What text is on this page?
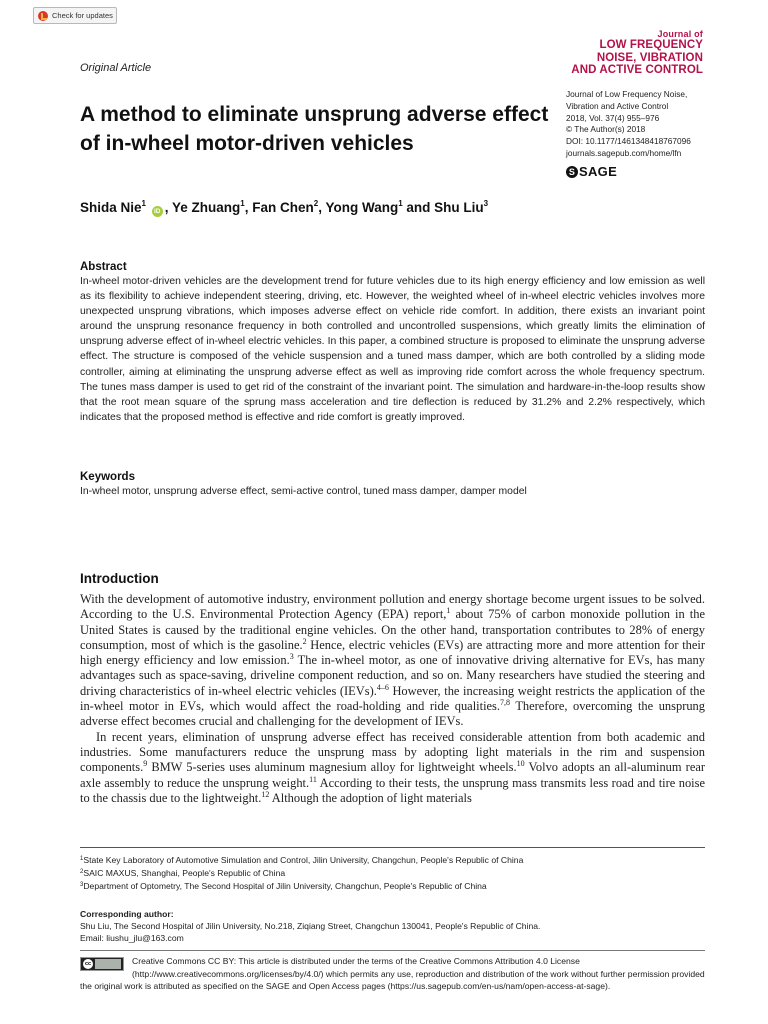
Check for updates
Original Article
Journal of
LOW FREQUENCY
NOISE, VIBRATION
AND ACTIVE CONTROL
Journal of Low Frequency Noise,
Vibration and Active Control
2018, Vol. 37(4) 955–976
© The Author(s) 2018
DOI: 10.1177/1461348418767096
journals.sagepub.com/home/lfn
S SAGE
A method to eliminate unsprung adverse effect of in-wheel motor-driven vehicles
Shida Nie$^1$ iD , Ye Zhuang$^1$, Fan Chen$^2$, Yong Wang$^1$ and Shu Liu$^3$
Abstract

In-wheel motor-driven vehicles are the development trend for future vehicles due to its high energy efficiency and low emission as well as its flexibility to achieve independent steering, driving, etc. However, the weighted wheel of in-wheel electric vehicles involves more unexpected unsprung vibrations, which imposes adverse effect on vehicle ride comfort. In addition, there exists an invariant point around the unsprung resonance frequency in both controlled and uncontrolled suspensions, which greatly limits the elimination of unsprung adverse effect of in-wheel electric vehicles. In this paper, a combined structure is proposed to eliminate the unsprung adverse effect. The structure is composed of the vehicle suspension and a tuned mass damper, which are both controlled by a sliding mode controller, aiming at eliminating the unsprung adverse effect as well as improving ride comfort across the whole frequency spectrum. The tunes mass damper is used to get rid of the constraint of the invariant point. The simulation and hardware-in-the-loop results show that the root mean square of the sprung mass acceleration and tire deflection is reduced by 31.2% and 2.2% respectively, which indicates that the proposed method is effective and ride comfort is greatly improved.

Keywords

In-wheel motor, unsprung adverse effect, semi-active control, tuned mass damper, damper model

Introduction

With the development of automotive industry, environment pollution and energy shortage become urgent issues to be solved. According to the U.S. Environmental Protection Agency (EPA) report,$^1$ about 75% of carbon monoxide pollution in the United States is caused by the traditional engine vehicles. On the other hand, transportation contributes to 28% of energy consumption, most of which is the gasoline.$^2$ Hence, electric vehicles (EVs) are attracting more and more attention for their high energy efficiency and low emission.$^3$ The in-wheel motor, as one of innovative driving alternative for EVs, has many advantages such as space-saving, driveline component reduction, and so on. Many researchers have studied the steering and driving characteristics of in-wheel electric vehicles (IEVs).$^{4-6}$ However, the increasing weight restricts the application of the in-wheel motor in EVs, which would affect the road-holding and ride qualities.$^{7,8}$ Therefore, overcoming the unsprung adverse effect becomes crucial and challenging for the development of IEVs.

In recent years, elimination of unsprung adverse effect has received considerable attention from both academic and industries. Some manufacturers reduce the unsprung mass by adopting light materials in the rim and suspension components.$^9$ BMW 5-series uses aluminum magnesium alloy for lightweight wheels.$^{10}$ Volvo adopts an all-aluminum rear axle assembly to reduce the unsprung weight.$^{11}$ According to their tests, the unsprung mass transmits less road and tire noise to the chassis due to the lightweight.$^{12}$ Although the adoption of light materials

$^1$State Key Laboratory of Automotive Simulation and Control, Jilin University, Changchun, People's Republic of China
$^2$SAIC MAXUS, Shanghai, People's Republic of China
$^3$Department of Optometry, The Second Hospital of Jilin University, Changchun, People's Republic of China
Corresponding author:
Shu Liu, The Second Hospital of Jilin University, No.218, Ziqiang Street, Changchun 130041, People's Republic of China.
Email: liushu_jlu@163.com
cc	Creative Commons CC BY: This article is distributed under the terms of the Creative Commons Attribution 4.0 License (http://www.creativecommons.org/licenses/by/4.0/) which permits any use, reproduction and distribution of the work without further permission provided the original work is attributed as specified on the SAGE and Open Access pages (https://us.sagepub.com/en-us/nam/open-access-at-sage).
